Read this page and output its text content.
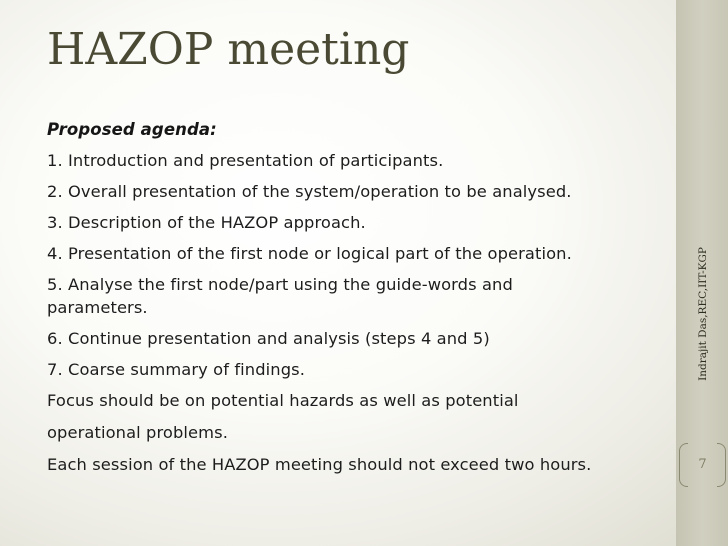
HAZOP meeting
Proposed agenda:
1. Introduction and presentation of participants.
2. Overall presentation of the system/operation to be analysed.
3. Description of the HAZOP approach.
4. Presentation of the first node or logical part of the operation.
5. Analyse the first node/part using the guide-words and parameters.
6. Continue presentation and analysis (steps 4 and 5)
7. Coarse summary of findings.
Focus should be on potential hazards as well as potential operational problems.
Each session of the HAZOP meeting should not exceed two hours.
Indrajit Das,REC,IIT-KGP
7
